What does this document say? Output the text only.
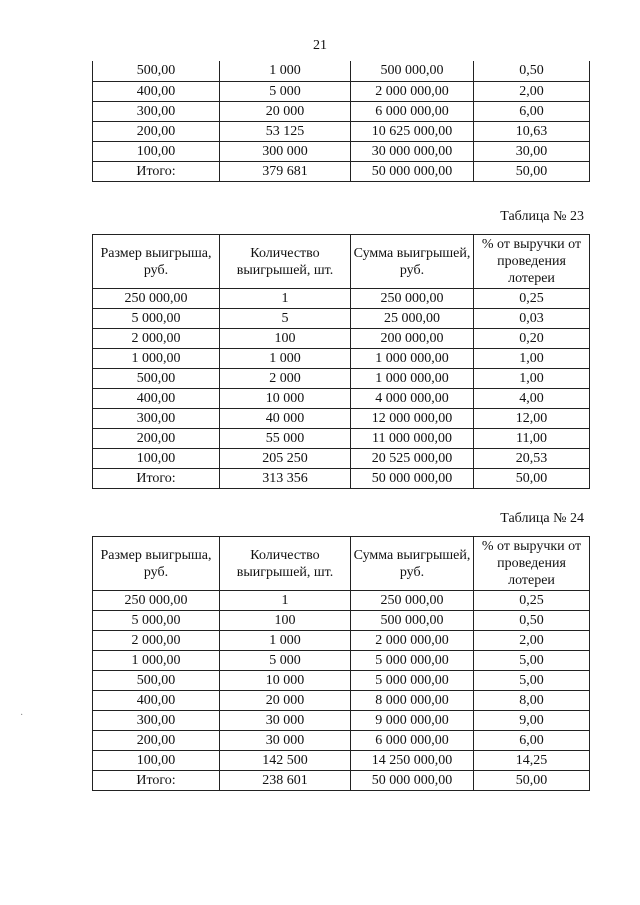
21
500,00	1 000	500 000,00	0,50
400,00	5 000	2 000 000,00	2,00
300,00	20 000	6 000 000,00	6,00
200,00	53 125	10 625 000,00	10,63
100,00	300 000	30 000 000,00	30,00
Итого:	379 681	50 000 000,00	50,00
Таблица № 23
Размер выигрыша, руб.	Количество выигрышей, шт.	Сумма выигрышей, руб.	% от выручки от проведения лотереи
250 000,00	1	250 000,00	0,25
5 000,00	5	25 000,00	0,03
2 000,00	100	200 000,00	0,20
1 000,00	1 000	1 000 000,00	1,00
500,00	2 000	1 000 000,00	1,00
400,00	10 000	4 000 000,00	4,00
300,00	40 000	12 000 000,00	12,00
200,00	55 000	11 000 000,00	11,00
100,00	205 250	20 525 000,00	20,53
Итого:	313 356	50 000 000,00	50,00
Таблица № 24
Размер выигрыша, руб.	Количество выигрышей, шт.	Сумма выигрышей, руб.	% от выручки от проведения лотереи
250 000,00	1	250 000,00	0,25
5 000,00	100	500 000,00	0,50
2 000,00	1 000	2 000 000,00	2,00
1 000,00	5 000	5 000 000,00	5,00
500,00	10 000	5 000 000,00	5,00
400,00	20 000	8 000 000,00	8,00
300,00	30 000	9 000 000,00	9,00
200,00	30 000	6 000 000,00	6,00
100,00	142 500	14 250 000,00	14,25
Итого:	238 601	50 000 000,00	50,00
·
